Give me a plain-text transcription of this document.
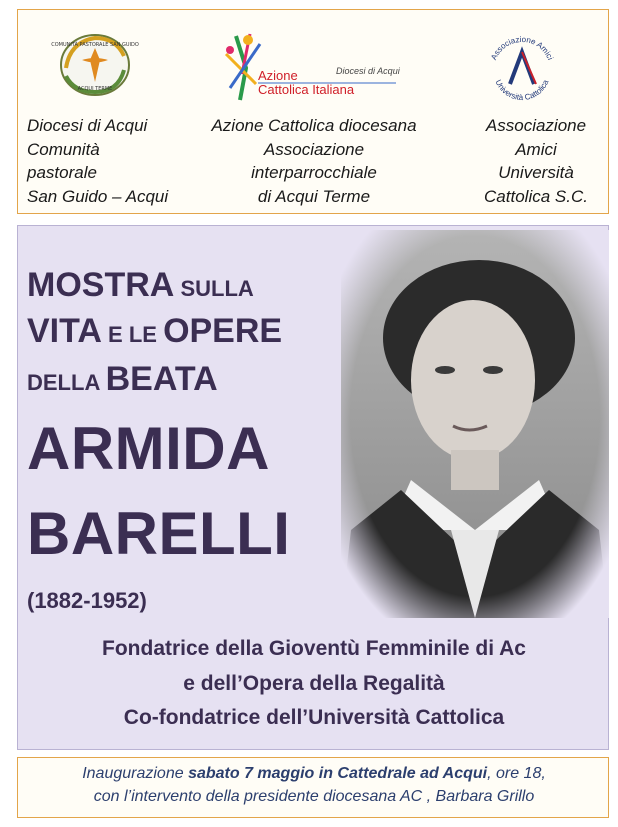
COMUNITÀ PASTORALE SAN GUIDO
ACQUI TERME
Azione
Cattolica Italiana
Diocesi di Acqui
Associazione Amici
Università Cattolica
Diocesi di Acqui
Comunità
pastorale
San Guido – Acqui
Azione Cattolica diocesana
Associazione
interparrocchiale
di Acqui Terme
Associazione
Amici
Università
Cattolica S.C.
MOSTRA SULLA
VITA E LE OPERE
DELLA BEATA
ARMIDA
BARELLI
(1882-1952)
Fondatrice della Gioventù Femminile di Ac
e dell’Opera della Regalità
Co-fondatrice dell’Università Cattolica
Inaugurazione sabato 7 maggio in Cattedrale ad Acqui, ore 18,
con l’intervento della presidente diocesana AC , Barbara Grillo
